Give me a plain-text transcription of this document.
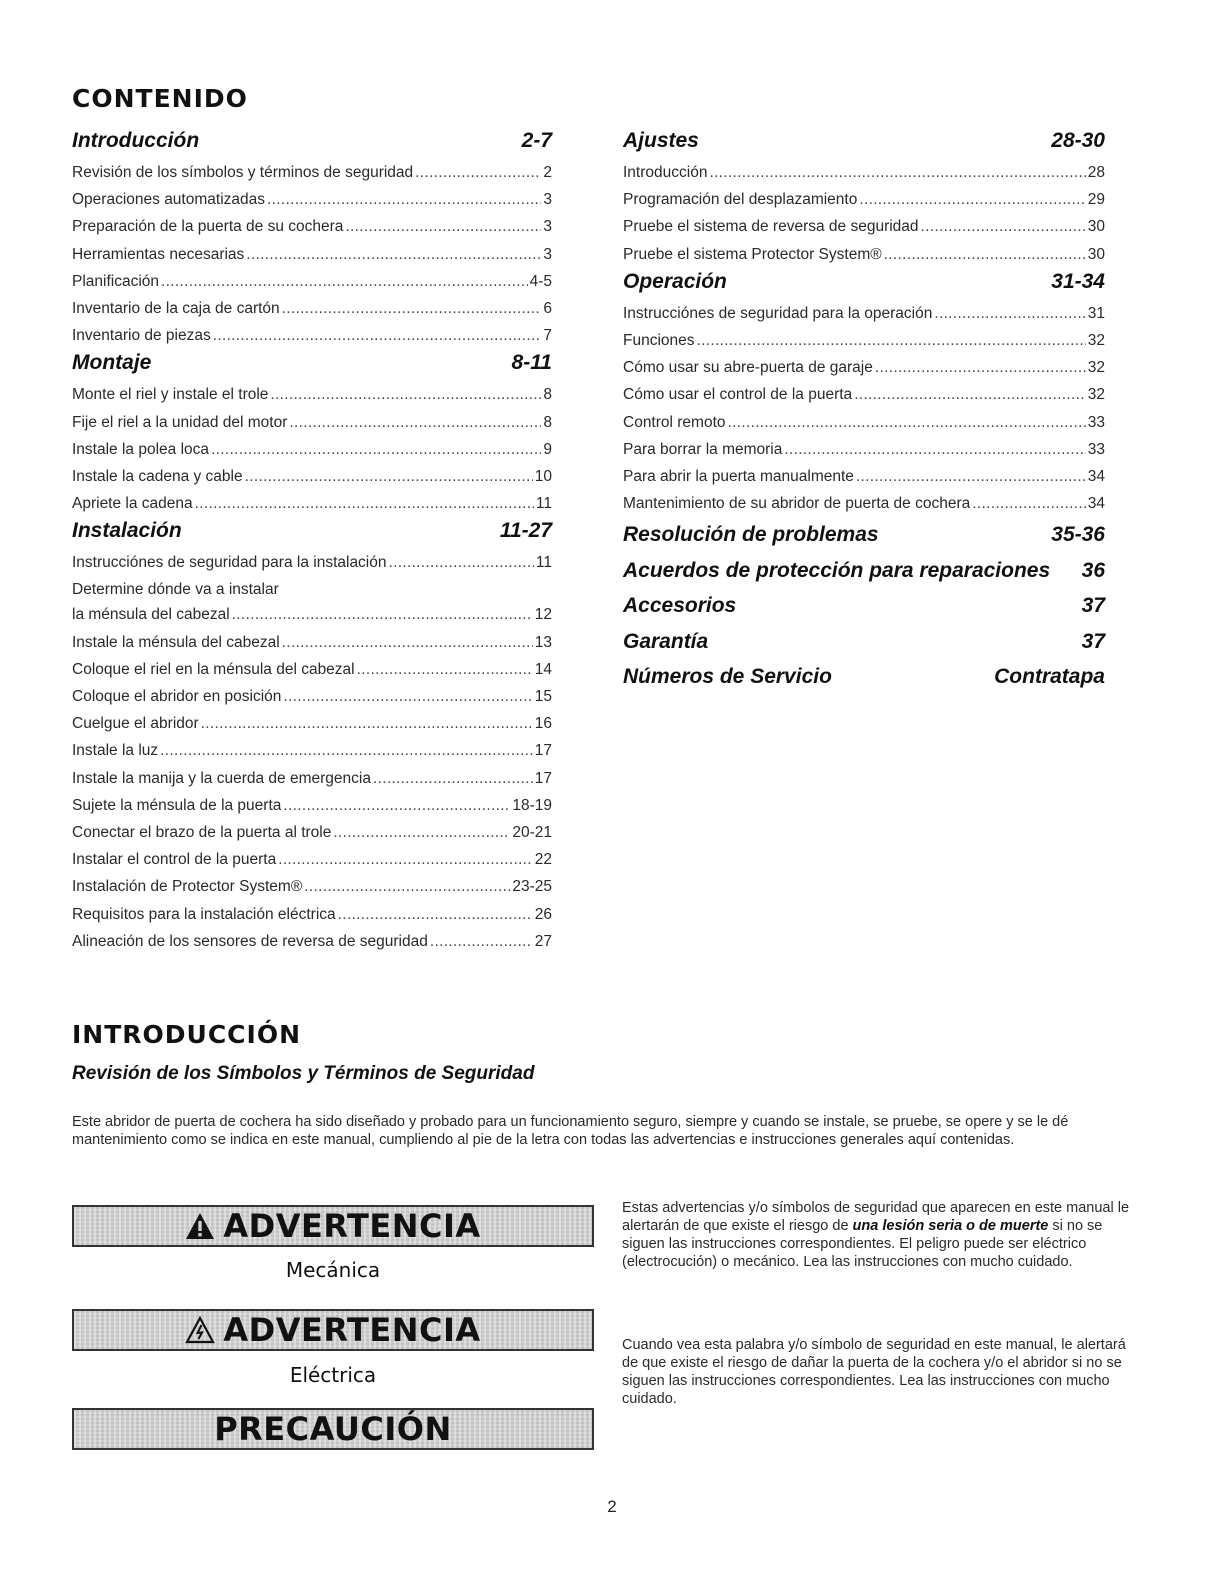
CONTENIDO
Introducción	2-7
Revisión de los símbolos y términos de seguridad . . .	2
Operaciones automatizadas . . .	3
Preparación de la puerta de su cochera . . .	3
Herramientas necesarias . . .	3
Planificación . . .	4-5
Inventario de la caja de cartón . . .	6
Inventario de piezas . . .	7
Montaje	8-11
Monte el riel y instale el trole . . .	8
Fije el riel a la unidad del motor . . .	8
Instale la polea loca . . .	9
Instale la cadena y cable . . .	10
Apriete la cadena . . .	11
Instalación	11-27
Instrucciónes de seguridad para la instalación . . .	11
Determine dónde va a instalar
la ménsula del cabezal . . .	12
Instale la ménsula del cabezal . . .	13
Coloque el riel en la ménsula del cabezal . . .	14
Coloque el abridor en posición . . .	15
Cuelgue el abridor . . .	16
Instale la luz . . .	17
Instale la manija y la cuerda de emergencia . . .	17
Sujete la ménsula de la puerta . . .	18-19
Conectar el brazo de la puerta al trole . . .	20-21
Instalar el control de la puerta . . .	22
Instalación de Protector System® . . .	23-25
Requisitos para la instalación eléctrica . . .	26
Alineación de los sensores de reversa de seguridad . . .	27
Ajustes	28-30
Introducción . . .	28
Programación del desplazamiento . . .	29
Pruebe el sistema de reversa de seguridad . . .	30
Pruebe el sistema Protector System® . . .	30
Operación	31-34
Instrucciónes de seguridad para la operación . . .	31
Funciones . . .	32
Cómo usar su abre-puerta de garaje . . .	32
Cómo usar el control de la puerta . . .	32
Control remoto . . .	33
Para borrar la memoria . . .	33
Para abrir la puerta manualmente . . .	34
Mantenimiento de su abridor de puerta de cochera . . .	34
Resolución de problemas	35-36
Acuerdos de protección para reparaciones 36
Accesorios	37
Garantía	37
Números de Servicio	Contratapa
INTRODUCCIÓN
Revisión de los Símbolos y Términos de Seguridad

Este abridor de puerta de cochera ha sido diseñado y probado para un funcionamiento seguro, siempre y cuando se instale, se pruebe, se opere y se le dé mantenimiento como se indica en este manual, cumpliendo al pie de la letra con todas las advertencias e instrucciones generales aquí contenidas.

ADVERTENCIA
Mecánica
ADVERTENCIA
Eléctrica
PRECAUCIÓN

Estas advertencias y/o símbolos de seguridad que aparecen en este manual le alertarán de que existe el riesgo de una lesión seria o de muerte si no se siguen las instrucciones correspondientes. El peligro puede ser eléctrico (electrocución) o mecánico. Lea las instrucciones con mucho cuidado.

Cuando vea esta palabra y/o símbolo de seguridad en este manual, le alertará de que existe el riesgo de dañar la puerta de la cochera y/o el abridor si no se siguen las instrucciones correspondientes. Lea las instrucciones con mucho cuidado.

2
